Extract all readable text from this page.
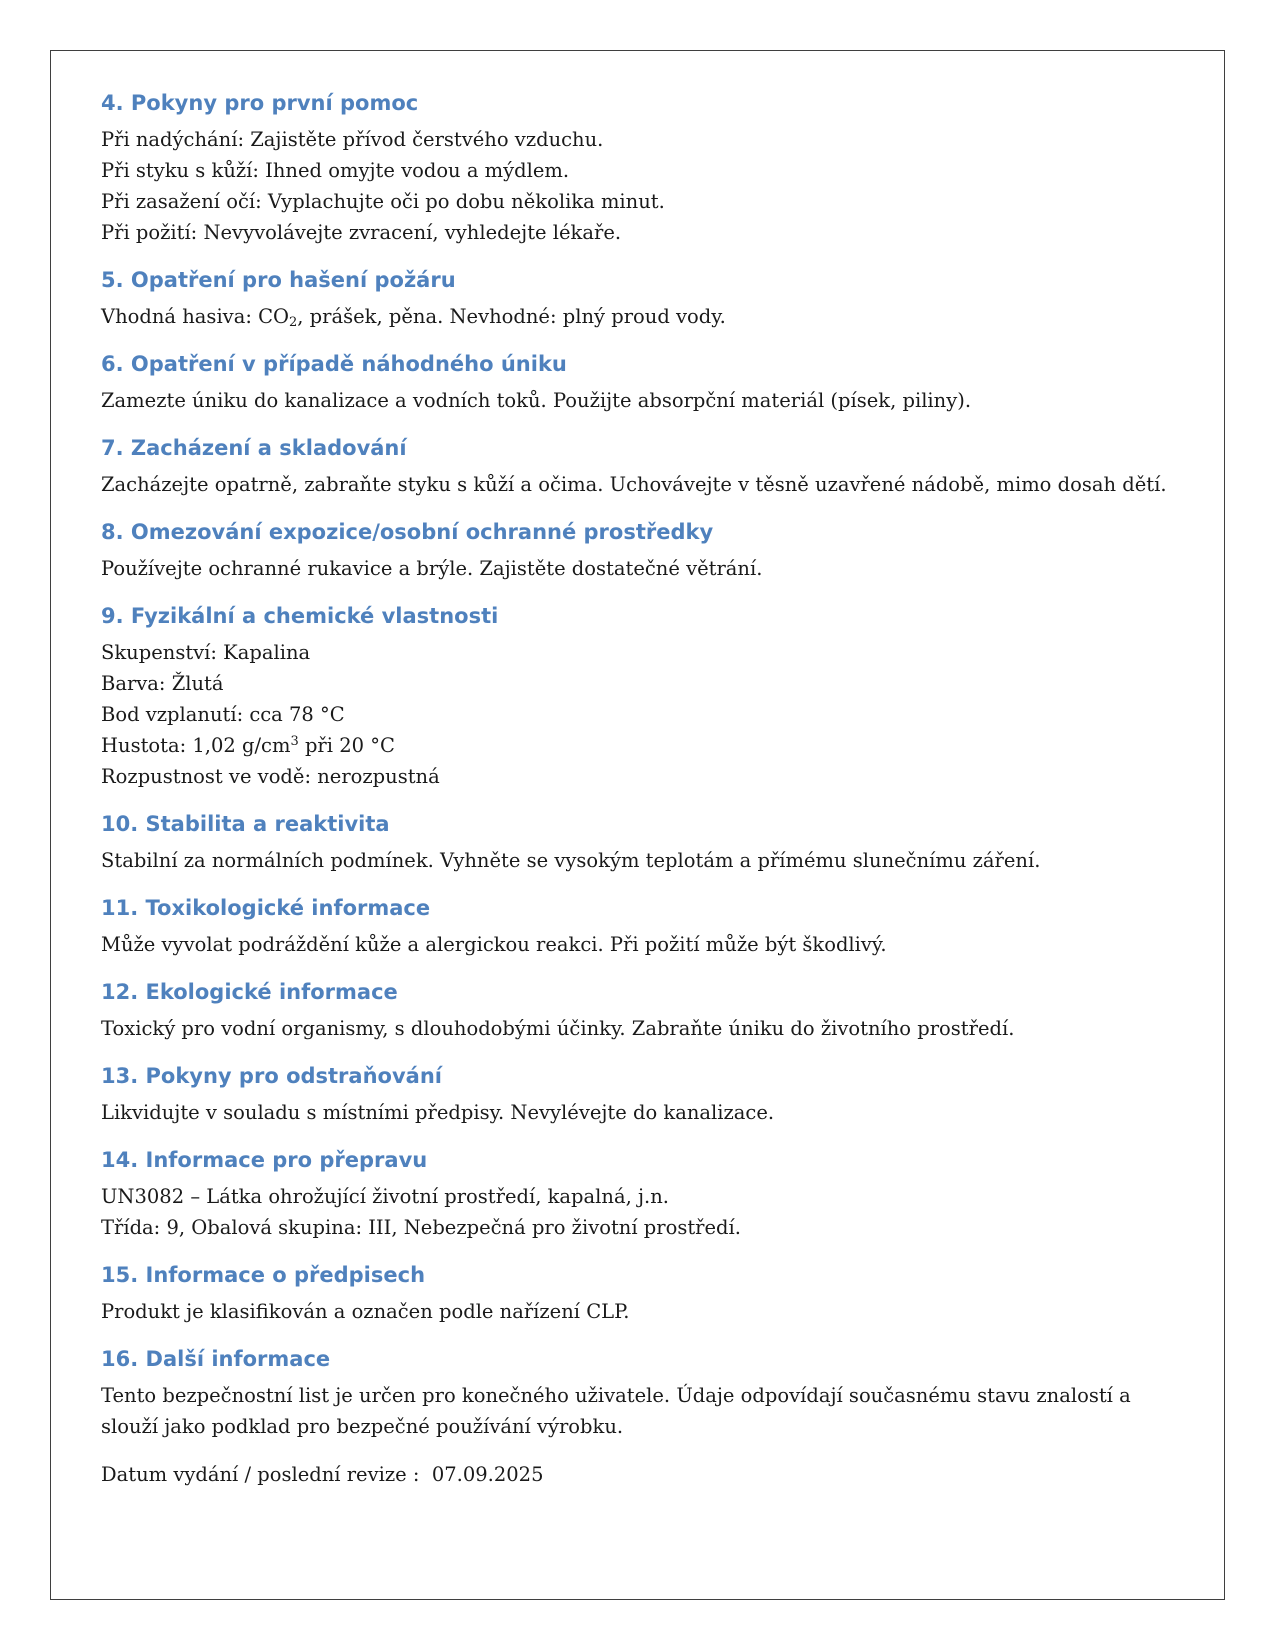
4. Pokyny pro první pomoc

Při nadýchání: Zajistěte přívod čerstvého vzduchu.

Při styku s kůží: Ihned omyjte vodou a mýdlem.

Při zasažení očí: Vyplachujte oči po dobu několika minut.

Při požití: Nevyvolávejte zvracení, vyhledejte lékaře.

5. Opatření pro hašení požáru

Vhodná hasiva: $CO_2$, prášek, pěna. Nevhodné: plný proud vody.

6. Opatření v případě náhodného úniku

Zamezte úniku do kanalizace a vodních toků. Použijte absorpční materiál (písek, piliny).

7. Zacházení a skladování

Zacházejte opatrně, zabraňte styku s kůží a očima. Uchovávejte v těsně uzavřené nádobě, mimo dosah dětí.

8. Omezování expozice/osobní ochranné prostředky

Používejte ochranné rukavice a brýle. Zajistěte dostatečné větrání.

9. Fyzikální a chemické vlastnosti

Skupenství: Kapalina

Barva: Žlutá

Bod vzplanutí: cca 78 °C

Hustota: 1,02 $g/cm^3$ při 20 °C

Rozpustnost ve vodě: nerozpustná

10. Stabilita a reaktivita

Stabilní za normálních podmínek. Vyhněte se vysokým teplotám a přímému slunečnímu záření.

11. Toxikologické informace

Může vyvolat podráždění kůže a alergickou reakci. Při požití může být škodlivý.

12. Ekologické informace

Toxický pro vodní organismy, s dlouhodobými účinky. Zabraňte úniku do životního prostředí.

13. Pokyny pro odstraňování

Likvidujte v souladu s místními předpisy. Nevylévejte do kanalizace.

14. Informace pro přepravu

UN3082 – Látka ohrožující životní prostředí, kapalná, j.n.

Třída: 9, Obalová skupina: III, Nebezpečná pro životní prostředí.

15. Informace o předpisech

Produkt je klasifikován a označen podle nařízení CLP.

16. Další informace

Tento bezpečnostní list je určen pro konečného uživatele. Údaje odpovídají současnému stavu znalostí a

slouží jako podklad pro bezpečné používání výrobku.

Datum vydání / poslední revize : 07.09.2025
